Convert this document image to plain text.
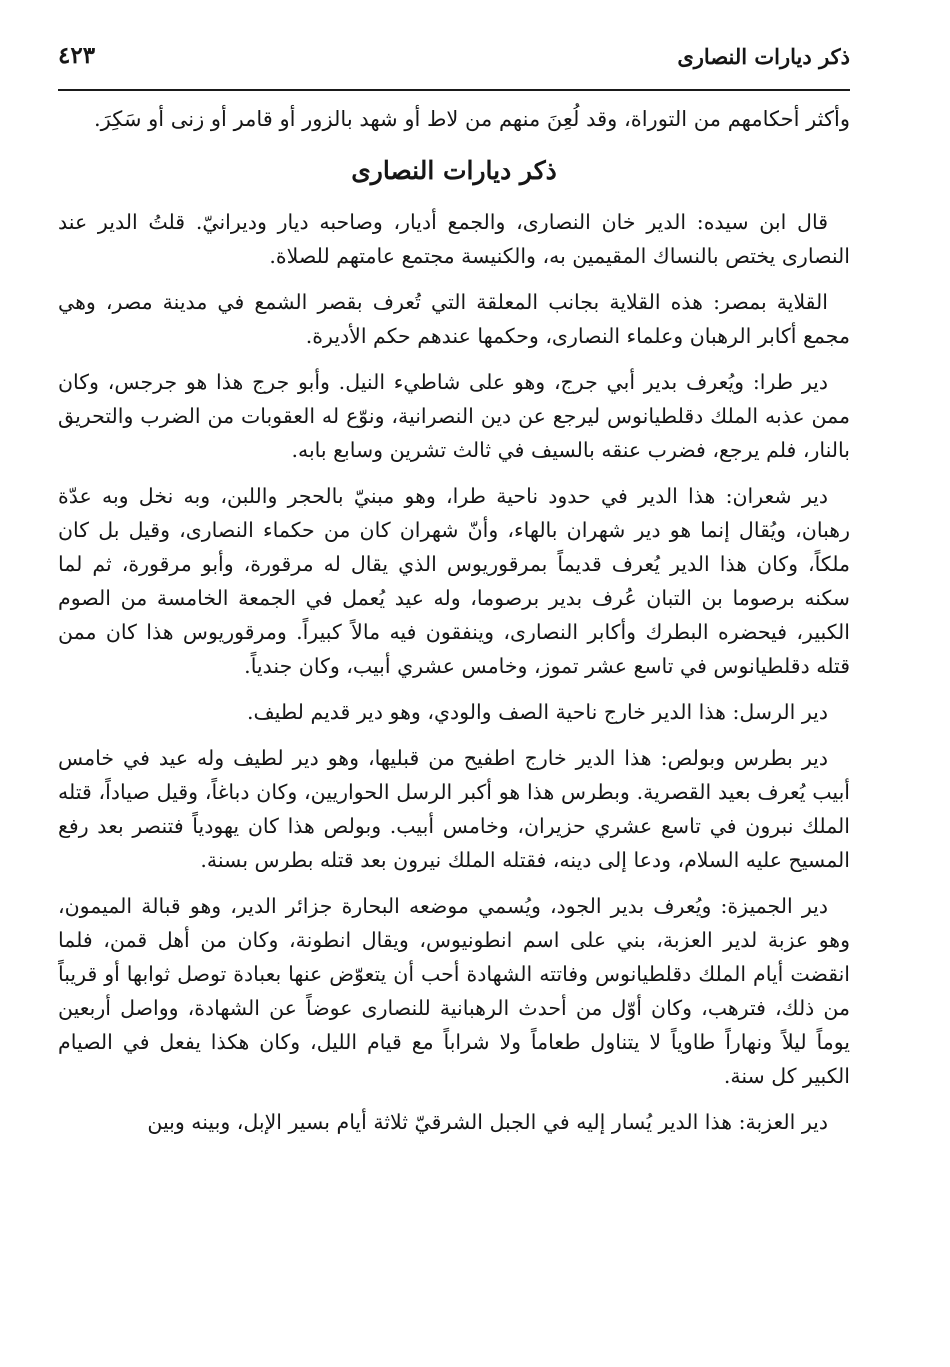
ذكر ديارات النصارى
٤٢٣

وأكثر أحكامهم من التوراة، وقد لُعِنَ منهم من لاط أو شهد بالزور أو قامر أو زنى أو سَكِرَ.

ذكر ديارات النصارى

قال ابن سيده: الدير خان النصارى، والجمع أديار، وصاحبه ديار وديرانيّ. قلتُ الدير عند النصارى يختص بالنساك المقيمين به، والكنيسة مجتمع عامتهم للصلاة.

القلاية بمصر: هذه القلاية بجانب المعلقة التي تُعرف بقصر الشمع في مدينة مصر، وهي مجمع أكابر الرهبان وعلماء النصارى، وحكمها عندهم حكم الأديرة.

دير طرا: ويُعرف بدير أبي جرج، وهو على شاطيء النيل. وأبو جرج هذا هو جرجس، وكان ممن عذبه الملك دقلطيانوس ليرجع عن دين النصرانية، ونوّع له العقوبات من الضرب والتحريق بالنار، فلم يرجع، فضرب عنقه بالسيف في ثالث تشرين وسابع بابه.

دير شعران: هذا الدير في حدود ناحية طرا، وهو مبنيّ بالحجر واللبن، وبه نخل وبه عدّة رهبان، ويُقال إنما هو دير شهران بالهاء، وأنّ شهران كان من حكماء النصارى، وقيل بل كان ملكاً، وكان هذا الدير يُعرف قديماً بمرقوريوس الذي يقال له مرقورة، وأبو مرقورة، ثم لما سكنه برصوما بن التبان عُرف بدير برصوما، وله عيد يُعمل في الجمعة الخامسة من الصوم الكبير، فيحضره البطرك وأكابر النصارى، وينفقون فيه مالاً كبيراً. ومرقوريوس هذا كان ممن قتله دقلطيانوس في تاسع عشر تموز، وخامس عشري أبيب، وكان جندياً.

دير الرسل: هذا الدير خارج ناحية الصف والودي، وهو دير قديم لطيف.

دير بطرس وبولص: هذا الدير خارج اطفيح من قبليها، وهو دير لطيف وله عيد في خامس أبيب يُعرف بعيد القصرية. وبطرس هذا هو أكبر الرسل الحواريين، وكان دباغاً، وقيل صياداً، قتله الملك نبرون في تاسع عشري حزيران، وخامس أبيب. وبولص هذا كان يهودياً فتنصر بعد رفع المسيح عليه السلام، ودعا إلى دينه، فقتله الملك نيرون بعد قتله بطرس بسنة.

دير الجميزة: ويُعرف بدير الجود، ويُسمي موضعه البحارة جزائر الدير، وهو قبالة الميمون، وهو عزبة لدير العزبة، بني على اسم انطونيوس، ويقال انطونة، وكان من أهل قمن، فلما انقضت أيام الملك دقلطيانوس وفاتته الشهادة أحب أن يتعوّض عنها بعبادة توصل ثوابها أو قريباً من ذلك، فترهب، وكان أوّل من أحدث الرهبانية للنصارى عوضاً عن الشهادة، وواصل أربعين يوماً ليلاً ونهاراً طاوياً لا يتناول طعاماً ولا شراباً مع قيام الليل، وكان هكذا يفعل في الصيام الكبير كل سنة.

دير العزبة: هذا الدير يُسار إليه في الجبل الشرقيّ ثلاثة أيام بسير الإبل، وبينه وبين
